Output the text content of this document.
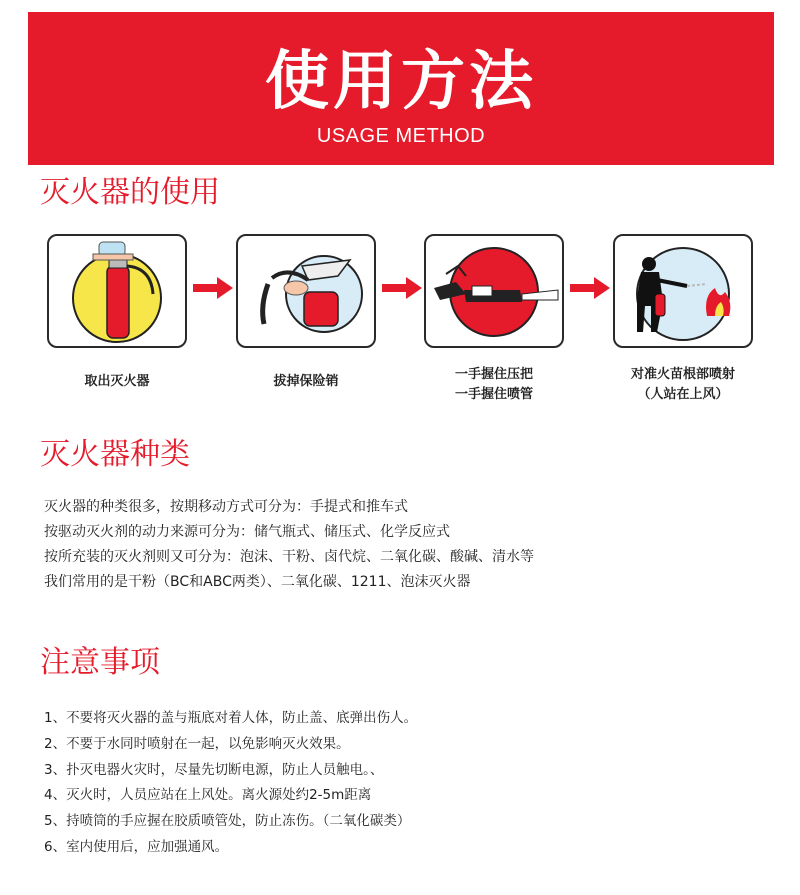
使用方法
USAGE METHOD
灭火器的使用
取出灭火器	拔掉保险销	一手握住压把
一手握住喷管
对准火苗根部喷射
（人站在上风）
灭火器种类
灭火器的种类很多，按期移动方式可分为：手提式和推车式
按驱动灭火剂的动力来源可分为：储气瓶式、储压式、化学反应式
按所充装的灭火剂则又可分为：泡沫、干粉、卤代烷、二氧化碳、酸碱、清水等
我们常用的是干粉（BC和ABC两类）、二氧化碳、1211、泡沫灭火器
注意事项
1、不要将灭火器的盖与瓶底对着人体，防止盖、底弹出伤人。
2、不要于水同时喷射在一起，以免影响灭火效果。
3、扑灭电器火灾时，尽量先切断电源，防止人员触电。、
4、灭火时，人员应站在上风处。离火源处约2-5m距离
5、持喷筒的手应握在胶质喷管处，防止冻伤。（二氧化碳类）
6、室内使用后，应加强通风。
